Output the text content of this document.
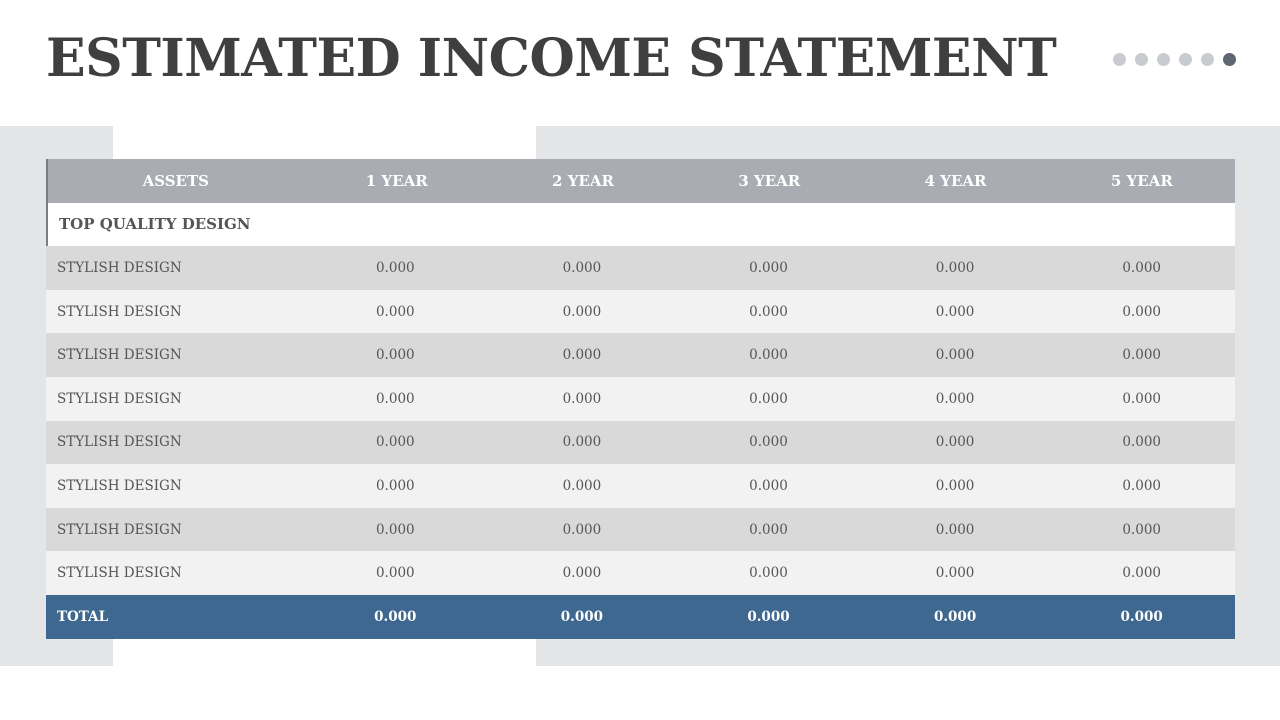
ESTIMATED INCOME STATEMENT
ASSETS	1 YEAR	2 YEAR	3 YEAR	4 YEAR	5 YEAR
TOP QUALITY DESIGN
STYLISH DESIGN	0.000	0.000	0.000	0.000	0.000
STYLISH DESIGN	0.000	0.000	0.000	0.000	0.000
STYLISH DESIGN	0.000	0.000	0.000	0.000	0.000
STYLISH DESIGN	0.000	0.000	0.000	0.000	0.000
STYLISH DESIGN	0.000	0.000	0.000	0.000	0.000
STYLISH DESIGN	0.000	0.000	0.000	0.000	0.000
STYLISH DESIGN	0.000	0.000	0.000	0.000	0.000
STYLISH DESIGN	0.000	0.000	0.000	0.000	0.000
TOTAL	0.000	0.000	0.000	0.000	0.000
